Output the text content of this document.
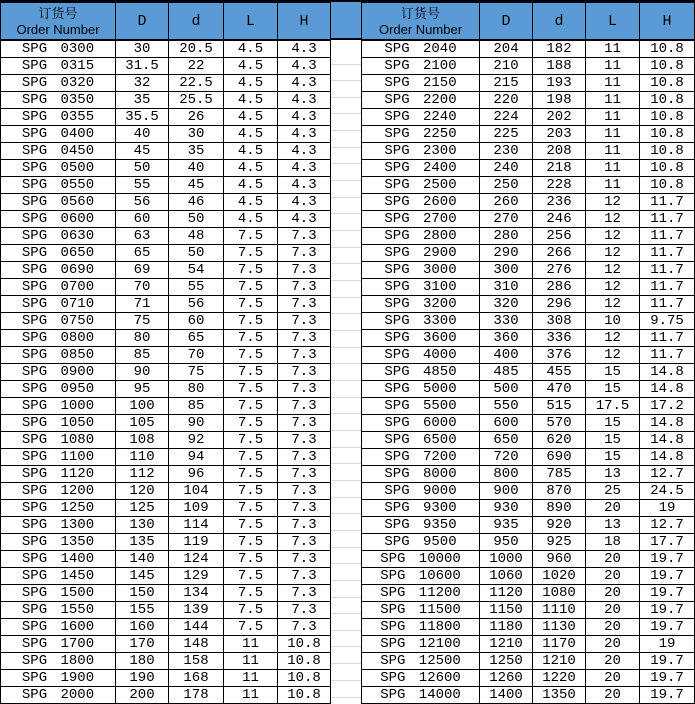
订货号
Order Number	D	d	L	H
SPG 0300	30	20.5	4.5	4.3
SPG 0315	31.5	22	4.5	4.3
SPG 0320	32	22.5	4.5	4.3
SPG 0350	35	25.5	4.5	4.3
SPG 0355	35.5	26	4.5	4.3
SPG 0400	40	30	4.5	4.3
SPG 0450	45	35	4.5	4.3
SPG 0500	50	40	4.5	4.3
SPG 0550	55	45	4.5	4.3
SPG 0560	56	46	4.5	4.3
SPG 0600	60	50	4.5	4.3
SPG 0630	63	48	7.5	7.3
SPG 0650	65	50	7.5	7.3
SPG 0690	69	54	7.5	7.3
SPG 0700	70	55	7.5	7.3
SPG 0710	71	56	7.5	7.3
SPG 0750	75	60	7.5	7.3
SPG 0800	80	65	7.5	7.3
SPG 0850	85	70	7.5	7.3
SPG 0900	90	75	7.5	7.3
SPG 0950	95	80	7.5	7.3
SPG 1000	100	85	7.5	7.3
SPG 1050	105	90	7.5	7.3
SPG 1080	108	92	7.5	7.3
SPG 1100	110	94	7.5	7.3
SPG 1120	112	96	7.5	7.3
SPG 1200	120	104	7.5	7.3
SPG 1250	125	109	7.5	7.3
SPG 1300	130	114	7.5	7.3
SPG 1350	135	119	7.5	7.3
SPG 1400	140	124	7.5	7.3
SPG 1450	145	129	7.5	7.3
SPG 1500	150	134	7.5	7.3
SPG 1550	155	139	7.5	7.3
SPG 1600	160	144	7.5	7.3
SPG 1700	170	148	11	10.8
SPG 1800	180	158	11	10.8
SPG 1900	190	168	11	10.8
SPG 2000	200	178	11	10.8

订货号
Order Number	D	d	L	H
SPG 2040	204	182	11	10.8
SPG 2100	210	188	11	10.8
SPG 2150	215	193	11	10.8
SPG 2200	220	198	11	10.8
SPG 2240	224	202	11	10.8
SPG 2250	225	203	11	10.8
SPG 2300	230	208	11	10.8
SPG 2400	240	218	11	10.8
SPG 2500	250	228	11	10.8
SPG 2600	260	236	12	11.7
SPG 2700	270	246	12	11.7
SPG 2800	280	256	12	11.7
SPG 2900	290	266	12	11.7
SPG 3000	300	276	12	11.7
SPG 3100	310	286	12	11.7
SPG 3200	320	296	12	11.7
SPG 3300	330	308	10	9.75
SPG 3600	360	336	12	11.7
SPG 4000	400	376	12	11.7
SPG 4850	485	455	15	14.8
SPG 5000	500	470	15	14.8
SPG 5500	550	515	17.5	17.2
SPG 6000	600	570	15	14.8
SPG 6500	650	620	15	14.8
SPG 7200	720	690	15	14.8
SPG 8000	800	785	13	12.7
SPG 9000	900	870	25	24.5
SPG 9300	930	890	20	19
SPG 9350	935	920	13	12.7
SPG 9500	950	925	18	17.7
SPG 10000	1000	960	20	19.7
SPG 10600	1060	1020	20	19.7
SPG 11200	1120	1080	20	19.7
SPG 11500	1150	1110	20	19.7
SPG 11800	1180	1130	20	19.7
SPG 12100	1210	1170	20	19
SPG 12500	1250	1210	20	19.7
SPG 12600	1260	1220	20	19.7
SPG 14000	1400	1350	20	19.7
